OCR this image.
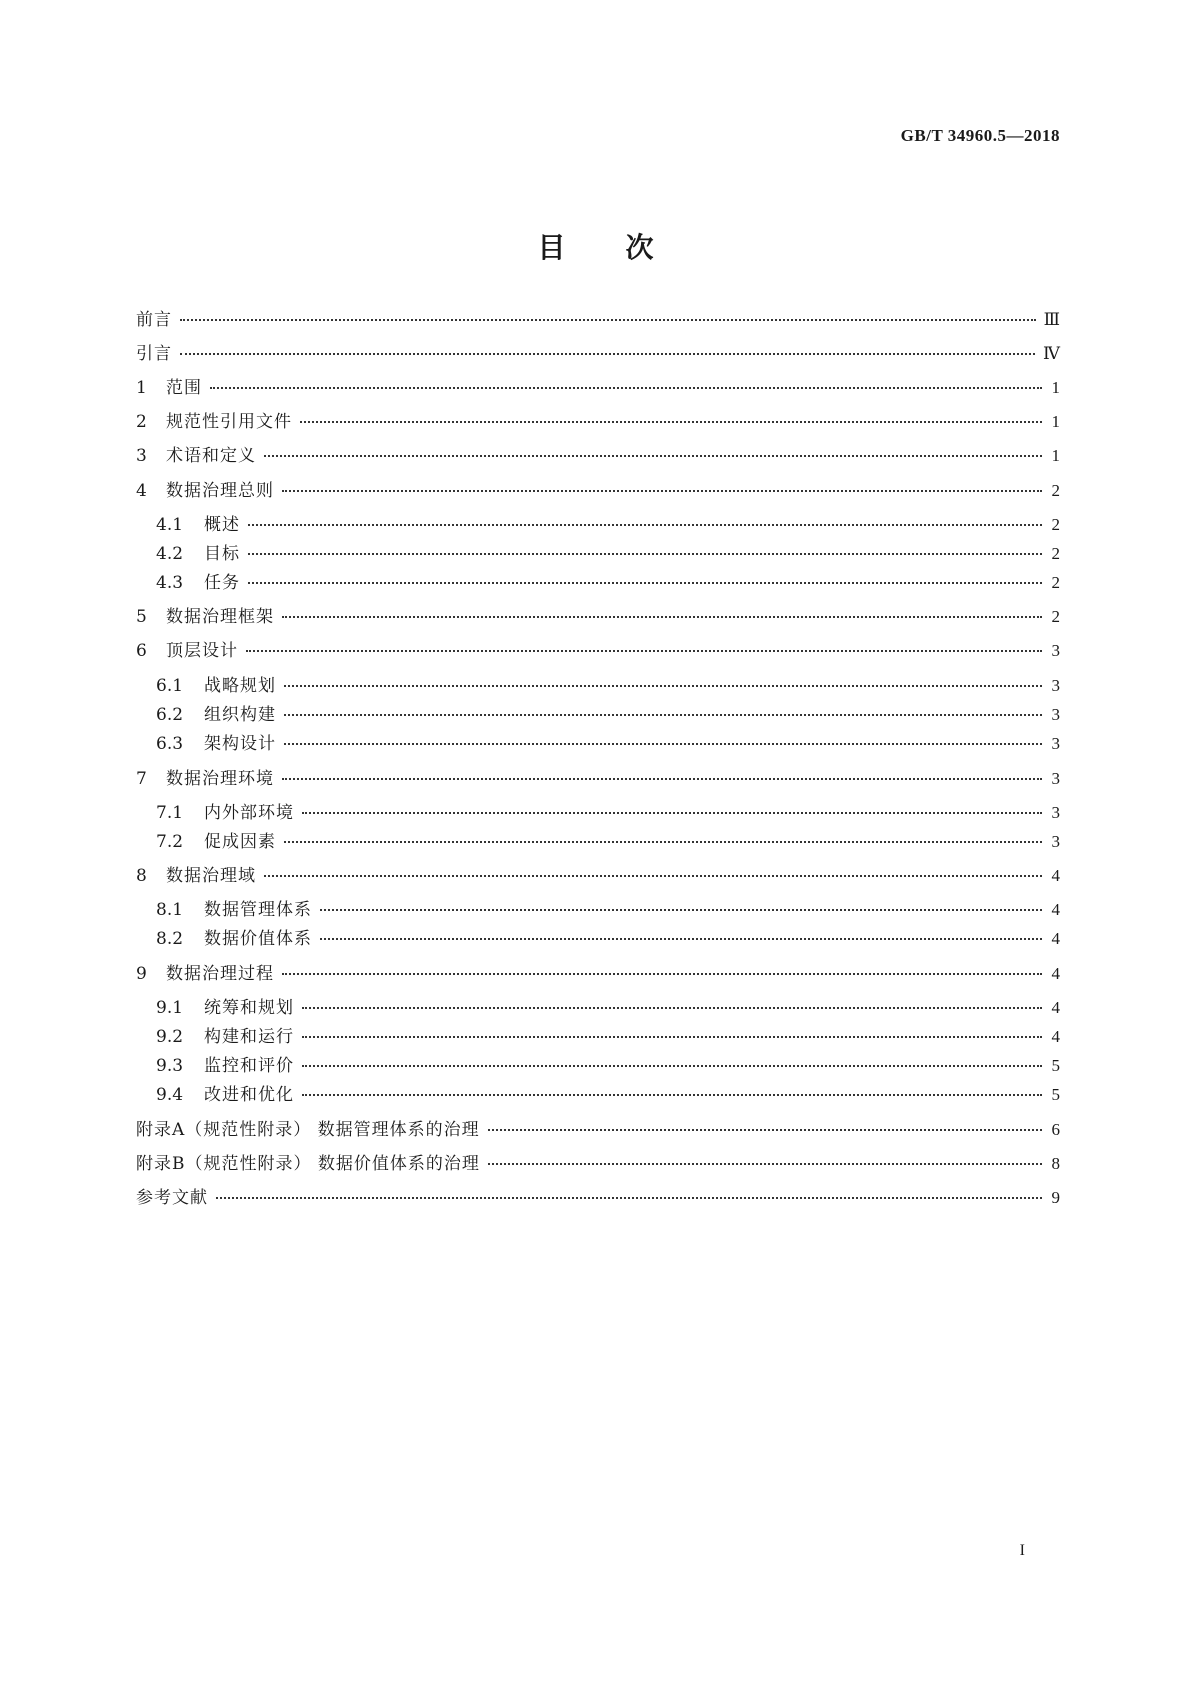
GB/T 34960.5—2018
目次
前言	Ⅲ
引言	Ⅳ
1	范围	1
2	规范性引用文件	1
3	术语和定义	1
4	数据治理总则	2
4.1	概述	2
4.2	目标	2
4.3	任务	2
5	数据治理框架	2
6	顶层设计	3
6.1	战略规划	3
6.2	组织构建	3
6.3	架构设计	3
7	数据治理环境	3
7.1	内外部环境	3
7.2	促成因素	3
8	数据治理域	4
8.1	数据管理体系	4
8.2	数据价值体系	4
9	数据治理过程	4
9.1	统筹和规划	4
9.2	构建和运行	4
9.3	监控和评价	5
9.4	改进和优化	5
附录A（规范性附录） 数据管理体系的治理	6
附录B（规范性附录） 数据价值体系的治理	8
参考文献	9
I
